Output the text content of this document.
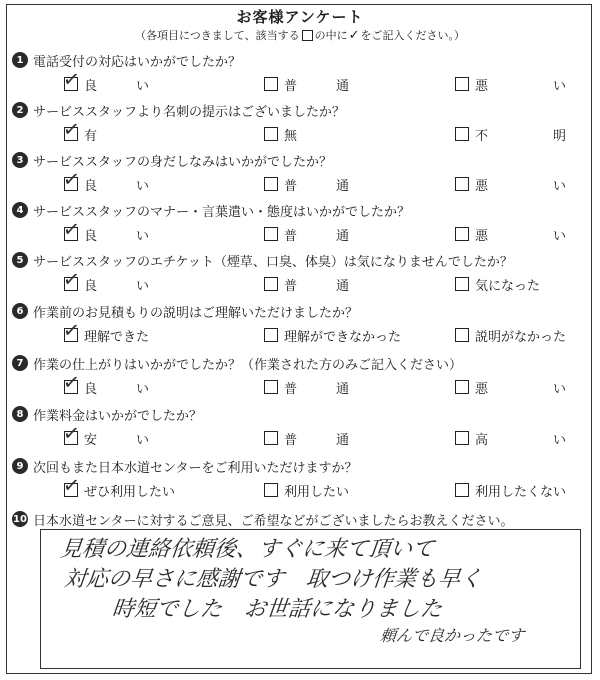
お客様アンケート
（各項目につきまして、該当する の中に✓をご記入ください。）
1 電話受付の対応はいかがでしたか？
✓ 良　　　い	普　　　通	悪　　　　　い
2 サービススタッフより名刺の提示はございましたか？
✓ 有	無	不　　　　　明
3 サービススタッフの身だしなみはいかがでしたか？
✓ 良　　　い	普　　　通	悪　　　　　い
4 サービススタッフのマナー・言葉遣い・態度はいかがでしたか？
✓ 良　　　い	普　　　通	悪　　　　　い
5 サービススタッフのエチケット（煙草、口臭、体臭）は気になりませんでしたか？
✓ 良　　　い	普　　　通	気になった
6 作業前のお見積もりの説明はご理解いただけましたか？
✓ 理解できた	理解ができなかった	説明がなかった
7 作業の仕上がりはいかがでしたか？（作業された方のみご記入ください）
✓ 良　　　い	普　　　通	悪　　　　　い
8 作業料金はいかがでしたか？
✓ 安　　　い	普　　　通	高　　　　　い
9 次回もまた日本水道センターをご利用いただけますか？
✓ ぜひ利用したい	利用したい	利用したくない
10 日本水道センターに対するご意見、ご希望などがございましたらお教えください。
見積の連絡依頼後、すぐに来て頂いて
対応の早さに感謝です　取つけ作業も早く
時短でした　お世話になりました
頼んで良かったです
